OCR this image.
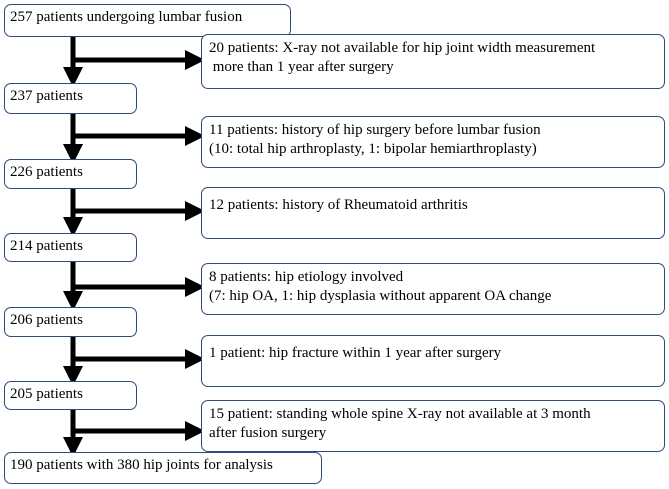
257 patients undergoing lumbar fusion
237 patients
226 patients
214 patients
206 patients
205 patients
190 patients with 380 hip joints for analysis
20 patients: X-ray not available for hip joint width measurement
more than 1 year after surgery
11 patients: history of hip surgery before lumbar fusion
(10: total hip arthroplasty, 1: bipolar hemiarthroplasty)
12 patients: history of Rheumatoid arthritis
8 patients: hip etiology involved
(7: hip OA, 1: hip dysplasia without apparent OA change
1 patient: hip fracture within 1 year after surgery
15 patient: standing whole spine X-ray not available at 3 month
after fusion surgery
